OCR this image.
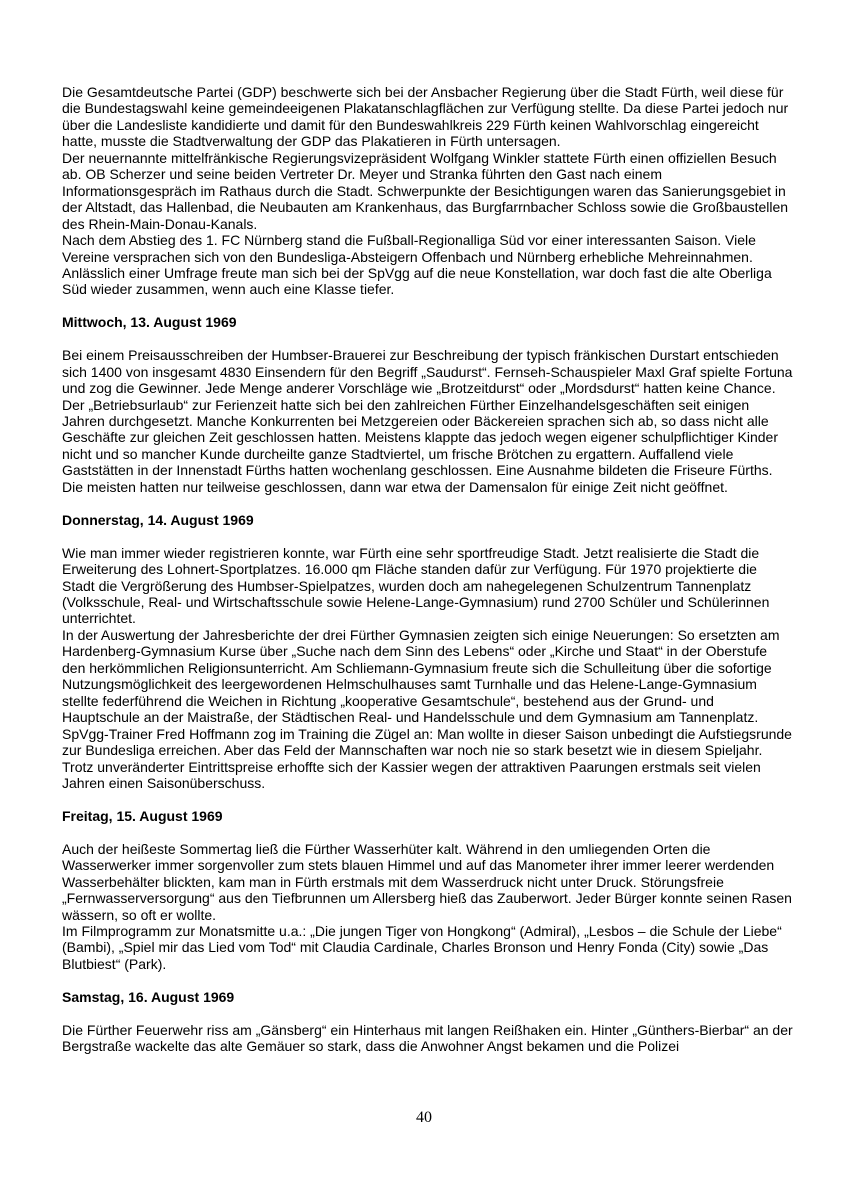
Die Gesamtdeutsche Partei (GDP) beschwerte sich bei der Ansbacher Regierung über die Stadt Fürth, weil diese für die Bundestagswahl keine gemeindeeigenen Plakatanschlagflächen zur Verfügung stellte. Da diese Partei jedoch nur über die Landesliste kandidierte und damit für den Bundeswahlkreis 229 Fürth keinen Wahlvorschlag eingereicht hatte, musste die Stadtverwaltung der GDP das Plakatieren in Fürth untersagen.

Der neuernannte mittelfränkische Regierungsvizepräsident Wolfgang Winkler stattete Fürth einen offiziellen Besuch ab. OB Scherzer und seine beiden Vertreter Dr. Meyer und Stranka führten den Gast nach einem Informationsgespräch im Rathaus durch die Stadt. Schwerpunkte der Besichtigungen waren das Sanierungsgebiet in der Altstadt, das Hallenbad, die Neubauten am Krankenhaus, das Burgfarrnbacher Schloss sowie die Großbaustellen des Rhein-Main-Donau-Kanals.

Nach dem Abstieg des 1. FC Nürnberg stand die Fußball-Regionalliga Süd vor einer interessanten Saison. Viele Vereine versprachen sich von den Bundesliga-Absteigern Offenbach und Nürnberg erhebliche Mehreinnahmen. Anlässlich einer Umfrage freute man sich bei der SpVgg auf die neue Konstellation, war doch fast die alte Oberliga Süd wieder zusammen, wenn auch eine Klasse tiefer.

Mittwoch, 13. August 1969

Bei einem Preisausschreiben der Humbser-Brauerei zur Beschreibung der typisch fränkischen Durstart entschieden sich 1400 von insgesamt 4830 Einsendern für den Begriff „Saudurst“. Fernseh-Schauspieler Maxl Graf spielte Fortuna und zog die Gewinner. Jede Menge anderer Vorschläge wie „Brotzeitdurst“ oder „Mordsdurst“ hatten keine Chance.

Der „Betriebsurlaub“ zur Ferienzeit hatte sich bei den zahlreichen Fürther Einzelhandelsgeschäften seit einigen Jahren durchgesetzt. Manche Konkurrenten bei Metzgereien oder Bäckereien sprachen sich ab, so dass nicht alle Geschäfte zur gleichen Zeit geschlossen hatten. Meistens klappte das jedoch wegen eigener schulpflichtiger Kinder nicht und so mancher Kunde durcheilte ganze Stadtviertel, um frische Brötchen zu ergattern. Auffallend viele Gaststätten in der Innenstadt Fürths hatten wochenlang geschlossen. Eine Ausnahme bildeten die Friseure Fürths. Die meisten hatten nur teilweise geschlossen, dann war etwa der Damensalon für einige Zeit nicht geöffnet.

Donnerstag, 14. August 1969

Wie man immer wieder registrieren konnte, war Fürth eine sehr sportfreudige Stadt. Jetzt realisierte die Stadt die Erweiterung des Lohnert-Sportplatzes. 16.000 qm Fläche standen dafür zur Verfügung. Für 1970 projektierte die Stadt die Vergrößerung des Humbser-Spielpatzes, wurden doch am nahegelegenen Schulzentrum Tannenplatz (Volksschule, Real- und Wirtschaftsschule sowie Helene-Lange-Gymnasium) rund 2700 Schüler und Schülerinnen unterrichtet.

In der Auswertung der Jahresberichte der drei Fürther Gymnasien zeigten sich einige Neuerungen: So ersetzten am Hardenberg-Gymnasium Kurse über „Suche nach dem Sinn des Lebens“ oder „Kirche und Staat“ in der Oberstufe den herkömmlichen Religionsunterricht. Am Schliemann-Gymnasium freute sich die Schulleitung über die sofortige Nutzungsmöglichkeit des leergewordenen Helmschulhauses samt Turnhalle und das Helene-Lange-Gymnasium stellte federführend die Weichen in Richtung „kooperative Gesamtschule“, bestehend aus der Grund- und Hauptschule an der Maistraße, der Städtischen Real- und Handelsschule und dem Gymnasium am Tannenplatz.

SpVgg-Trainer Fred Hoffmann zog im Training die Zügel an: Man wollte in dieser Saison unbedingt die Aufstiegsrunde zur Bundesliga erreichen. Aber das Feld der Mannschaften war noch nie so stark besetzt wie in diesem Spieljahr. Trotz unveränderter Eintrittspreise erhoffte sich der Kassier wegen der attraktiven Paarungen erstmals seit vielen Jahren einen Saisonüberschuss.

Freitag, 15. August 1969

Auch der heißeste Sommertag ließ die Fürther Wasserhüter kalt. Während in den umliegenden Orten die Wasserwerker immer sorgenvoller zum stets blauen Himmel und auf das Manometer ihrer immer leerer werdenden Wasserbehälter blickten, kam man in Fürth erstmals mit dem Wasserdruck nicht unter Druck. Störungsfreie „Fernwasserversorgung“ aus den Tiefbrunnen um Allersberg hieß das Zauberwort. Jeder Bürger konnte seinen Rasen wässern, so oft er wollte.

Im Filmprogramm zur Monatsmitte u.a.: „Die jungen Tiger von Hongkong“ (Admiral), „Lesbos – die Schule der Liebe“ (Bambi), „Spiel mir das Lied vom Tod“ mit Claudia Cardinale, Charles Bronson und Henry Fonda (City) sowie „Das Blutbiest“ (Park).

Samstag, 16. August 1969

Die Fürther Feuerwehr riss am „Gänsberg“ ein Hinterhaus mit langen Reißhaken ein. Hinter „Günthers-Bierbar“ an der Bergstraße wackelte das alte Gemäuer so stark, dass die Anwohner Angst bekamen und die Polizei

40
